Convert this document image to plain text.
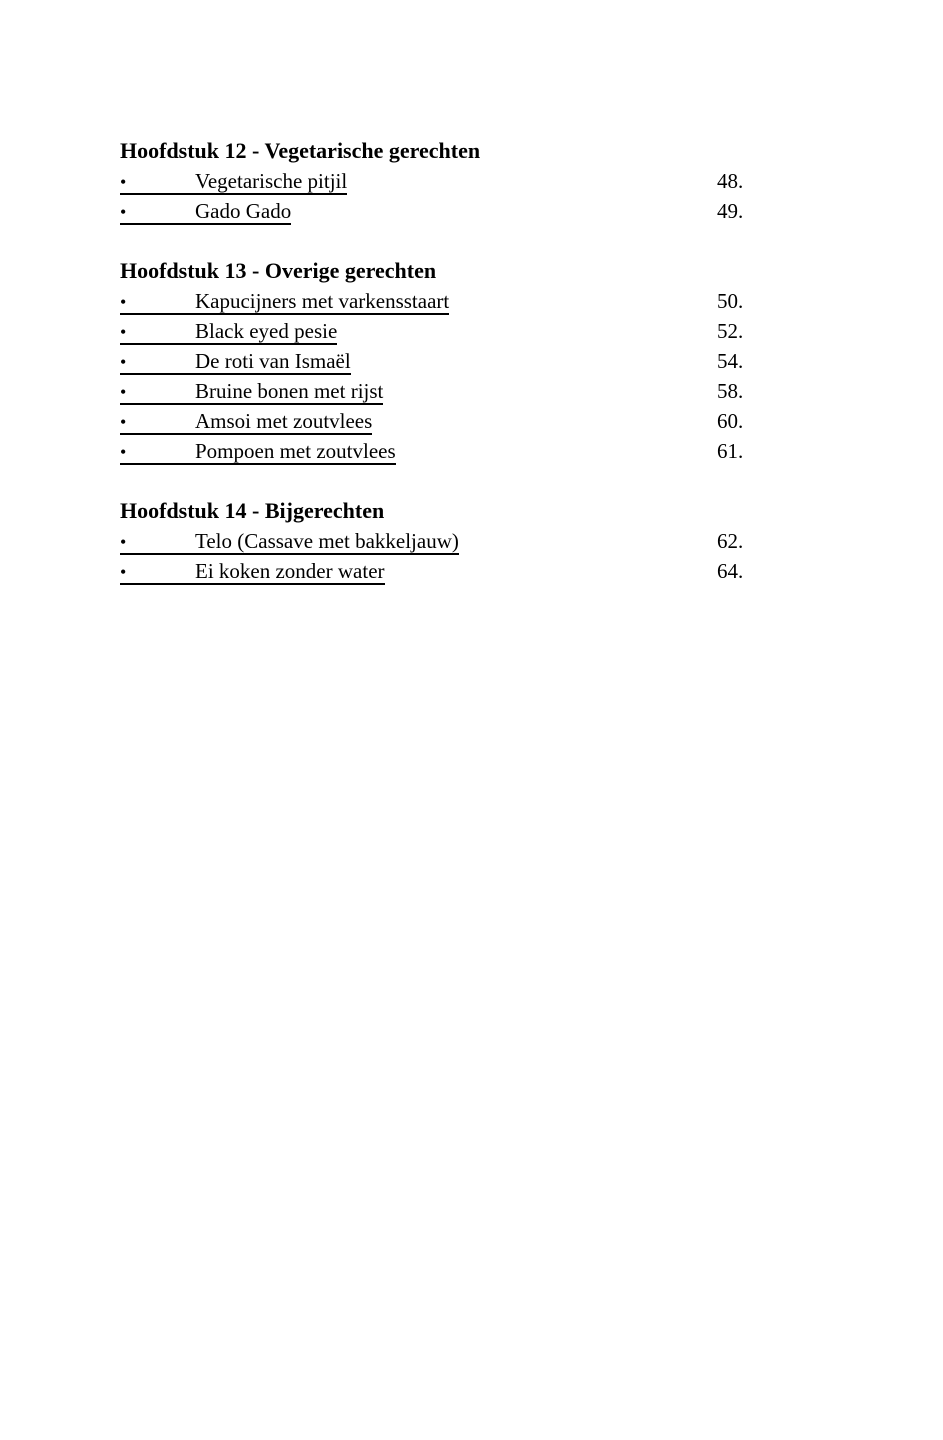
Hoofdstuk 12 - Vegetarische gerechten
•	Vegetarische pitjil	48.
•	Gado Gado	49.
Hoofdstuk 13 - Overige gerechten
•	Kapucijners met varkensstaart	50.
•	Black eyed pesie	52.
•	De roti van Ismaël	54.
•	Bruine bonen met rijst	58.
•	Amsoi met zoutvlees	60.
•	Pompoen met zoutvlees	61.
Hoofdstuk 14 - Bijgerechten
•	Telo (Cassave met bakkeljauw)	62.
•	Ei koken zonder water	64.
